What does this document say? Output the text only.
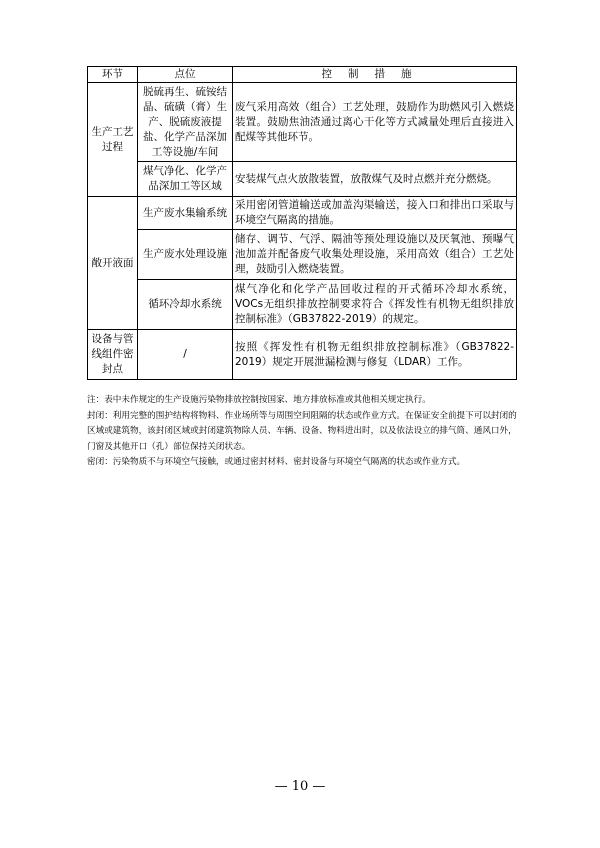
环节	点位	控制措施
生产工艺过程	脱硫再生、硫铵结晶、硫磺（膏）生产、脱硫废液提盐、化学产品深加工等设施/车间	废气采用高效（组合）工艺处理，鼓励作为助燃风引入燃烧装置。鼓励焦油渣通过离心干化等方式减量处理后直接进入配煤等其他环节。
	煤气净化、化学产品深加工等区域	安装煤气点火放散装置，放散煤气及时点燃并充分燃烧。
敞开液面	生产废水集输系统	采用密闭管道输送或加盖沟渠输送，接入口和排出口采取与环境空气隔离的措施。
	生产废水处理设施	储存、调节、气浮、隔油等预处理设施以及厌氧池、预曝气池加盖并配备废气收集处理设施，采用高效（组合）工艺处理，鼓励引入燃烧装置。
	循环冷却水系统	煤气净化和化学产品回收过程的开式循环冷却水系统，VOCs无组织排放控制要求符合《挥发性有机物无组织排放控制标准》（GB37822-2019）的规定。
设备与管线组件密封点	/	按照《挥发性有机物无组织排放控制标准》（GB37822-2019）规定开展泄漏检测与修复（LDAR）工作。

注：表中未作规定的生产设施污染物排放控制按国家、地方排放标准或其他相关规定执行。

封闭：利用完整的围护结构将物料、作业场所等与周围空间阻隔的状态或作业方式。在保证安全前提下可以封闭的区域或建筑物，该封闭区域或封闭建筑物除人员、车辆、设备、物料进出时，以及依法设立的排气筒、通风口外，门窗及其他开口（孔）部位保持关闭状态。

密闭：污染物质不与环境空气接触，或通过密封材料、密封设备与环境空气隔离的状态或作业方式。

— 10 —
